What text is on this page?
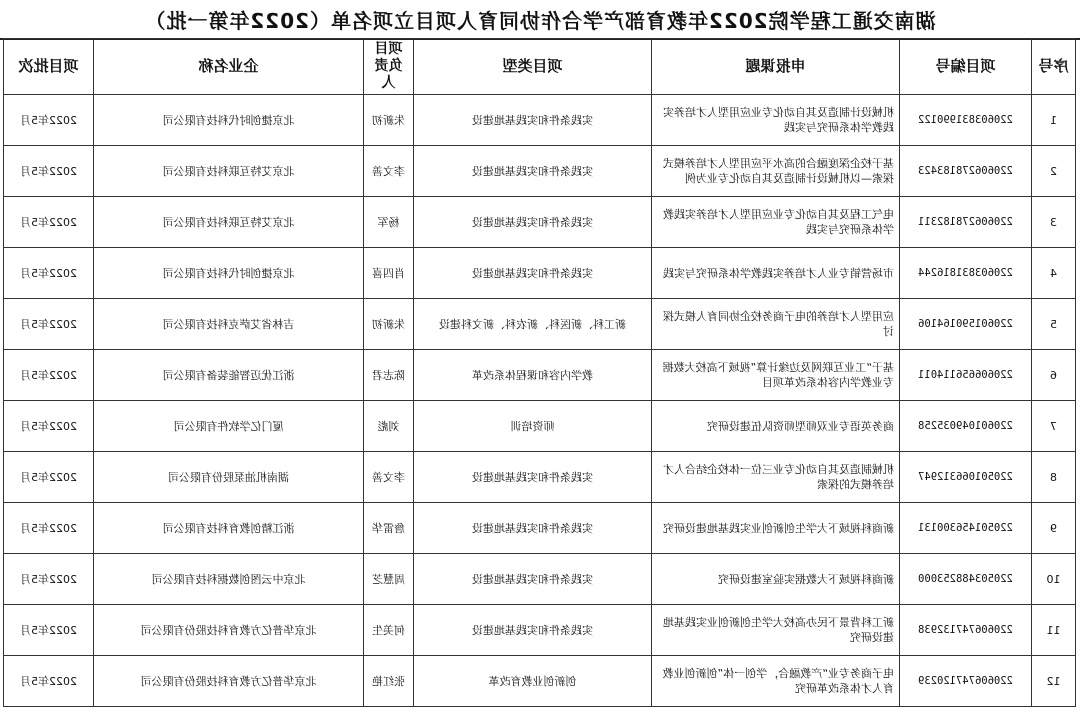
湖南交通工程学院2022年教育部产学合作协同育人项目立项名单（2022年第一批）
序号	项目编号	申报课题	项目类型	项目负责人	企业名称	项目批次
1	220603831990122	机械设计制造及其自动化专业应用型人才培养实践教学体系研究与实践	实践条件和实践基地建设	朱新初	北京捷创时代科技有限公司	2022年5月
2	220606278183423	基于校企深度融合的高水平应用型人才培养模式探索—以机械设计制造及其自动化专业为例	实践条件和实践基地建设	李文善	北京艾特互联科技有限公司	2022年5月
3	220606278182311	电气工程及其自动化专业应用型人才培养实践教学体系研究与实践	实践条件和实践基地建设	杨军	北京艾特互联科技有限公司	2022年5月
4	220603831816244	市场营销专业人才培养实践教学体系研究与实践	实践条件和实践基地建设	肖四喜	北京捷创时代科技有限公司	2022年5月
5	220601590164106	应用型人才培养的电子商务校企协同育人模式探讨	新工科、新医科、新农科、新文科建设	朱新初	吉林省艾萨克科技有限公司	2022年5月
6	220606656114011	基于“工业互联网及边缘计算”视域下高校大数据专业教学内容体系改革项目	教学内容和课程体系改革	陈志君	浙江优迈智能装备有限公司	2022年5月
7	220601049035258	商务英语专业双师型师资队伍建设研究	师资培训	刘彪	厦门亿学软件有限公司	2022年5月
8	220501066312947	机械制造及其自动化专业三位一体校企结合人才培养模式的探索	实践条件和实践基地建设	李文善	湖南机油泵股份有限公司	2022年5月
9	220501456300131	新商科视域下大学生创新创业实践基地建设研究	实践条件和实践基地建设	詹雷华	浙江精创教育科技有限公司	2022年5月
10	220503488253000	新商科视域下大数据实验室建设研究	实践条件和实践基地建设	周慧芝	北京中云图创数据科技有限公司	2022年5月
11	220606747132938	新工科背景下民办高校大学生创新创业实践基地建设研究	实践条件和实践基地建设	何美生	北京华普亿方教育科技股份有限公司	2022年5月
12	220606747120239	电子商务专业“产教融合，学创一体”创新创业教育人才体系改革研究	创新创业教育改革	张红艳	北京华普亿方教育科技股份有限公司	2022年5月
